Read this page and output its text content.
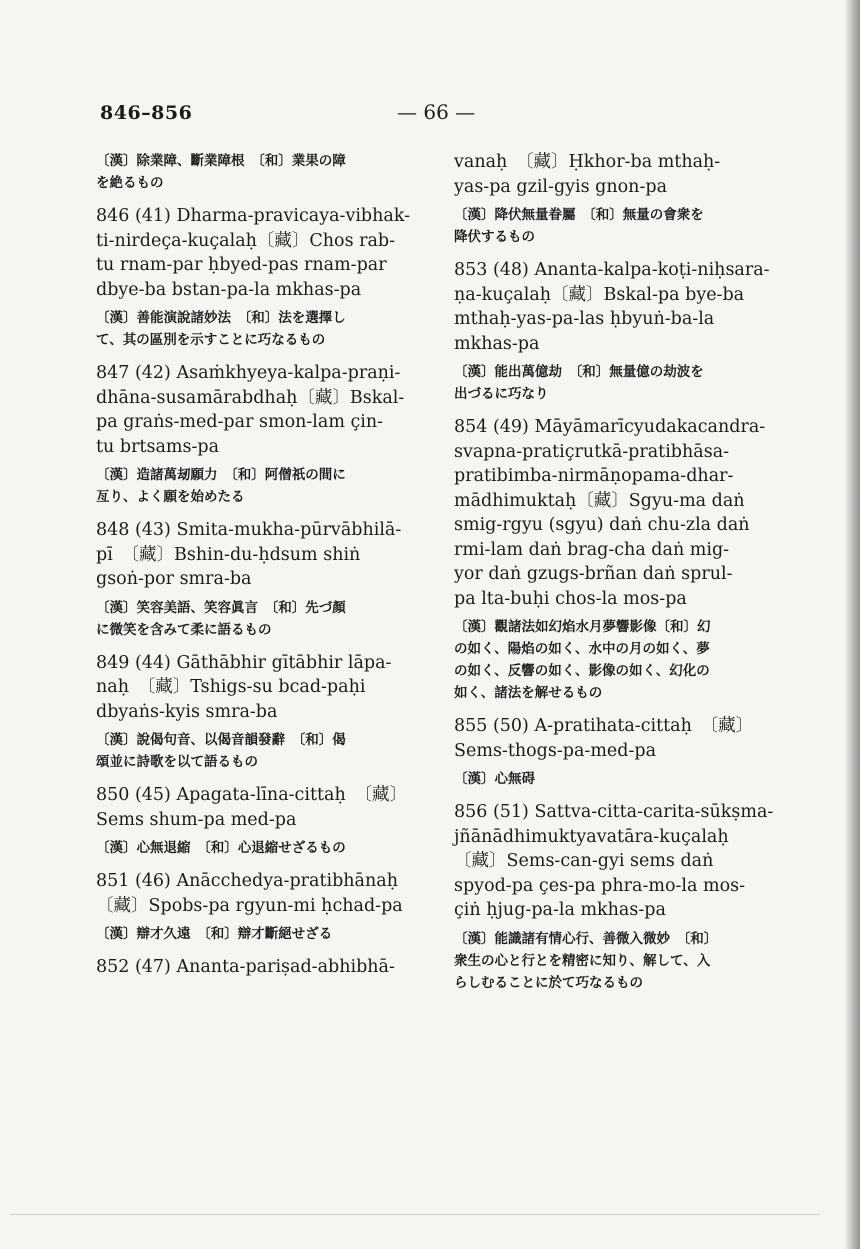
846–856	— 66 —
〔漢〕除業障、斷業障根　〔和〕業果の障
を絶るもの
846 (41) Dharma-pravicaya-vibhak-
ti-nirdeça-kuçalaḥ〔藏〕Chos rab-
tu rnam-par ḥbyed-pas rnam-par
dbye-ba bstan-pa-la mkhas-pa
〔漢〕善能演說諸妙法　〔和〕法を選擇し
て、其の區別を示すことに巧なるもの
847 (42) Asaṁkhyeya-kalpa-praṇi-
dhāna-susamārabdhaḥ〔藏〕Bskal-
pa graṅs-med-par smon-lam çin-
tu brtsams-pa
〔漢〕造諸萬刼願力　〔和〕阿僧祇の間に
亙り、よく願を始めたる
848 (43) Smita-mukha-pūrvābhilā-
pī　〔藏〕Bshin-du-ḥdsum shiṅ
gsoṅ-por smra-ba
〔漢〕笑容美語、笑容眞言　〔和〕先づ顏
に微笑を含みて柔に語るもの
849 (44) Gāthābhir gītābhir lāpa-
naḥ　〔藏〕Tshigs-su bcad-paḥi
dbyaṅs-kyis smra-ba
〔漢〕說偈句音、以偈音韻發辭　〔和〕偈
頌並に詩歌を以て語るもの
850 (45) Apagata-līna-cittaḥ　〔藏〕
Sems shum-pa med-pa
〔漢〕心無退縮　〔和〕心退縮せざるもの
851 (46) Anācchedya-pratibhānaḥ
〔藏〕Spobs-pa rgyun-mi ḥchad-pa
〔漢〕辯才久遠　〔和〕辯才斷絕せざる
852 (47) Ananta-pariṣad-abhibhā-
vanaḥ　〔藏〕Ḥkhor-ba mthaḥ-
yas-pa gzil-gyis gnon-pa
〔漢〕降伏無量眷屬　〔和〕無量の會衆を
降伏するもの
853 (48) Ananta-kalpa-koṭi-niḥsara-
ṇa-kuçalaḥ〔藏〕Bskal-pa bye-ba
mthaḥ-yas-pa-las ḥbyuṅ-ba-la
mkhas-pa
〔漢〕能出萬億劫　〔和〕無量億の劫波を
出づるに巧なり
854 (49) Māyāmarīcyudakacandra-
svapna-pratiçrutkā-pratibhāsa-
pratibimba-nirmāṇopama-dhar-
mādhimuktaḥ〔藏〕Sgyu-ma daṅ
smig-rgyu (sgyu) daṅ chu-zla daṅ
rmi-lam daṅ brag-cha daṅ mig-
yor daṅ gzugs-brñan daṅ sprul-
pa lta-buḥi chos-la mos-pa
〔漢〕觀諸法如幻焰水月夢響影像〔和〕幻
の如く、陽焰の如く、水中の月の如く、夢
の如く、反響の如く、影像の如く、幻化の
如く、諸法を解せるもの
855 (50) A-pratihata-cittaḥ　〔藏〕
Sems-thogs-pa-med-pa
〔漢〕心無碍
856 (51) Sattva-citta-carita-sūkṣma-
jñānādhimuktyavatāra-kuçalaḥ
〔藏〕Sems-can-gyi sems daṅ
spyod-pa çes-pa phra-mo-la mos-
çiṅ ḥjug-pa-la mkhas-pa
〔漢〕能識諸有情心行、善微入微妙　〔和〕
衆生の心と行とを精密に知り、解して、入
らしむることに於て巧なるもの
